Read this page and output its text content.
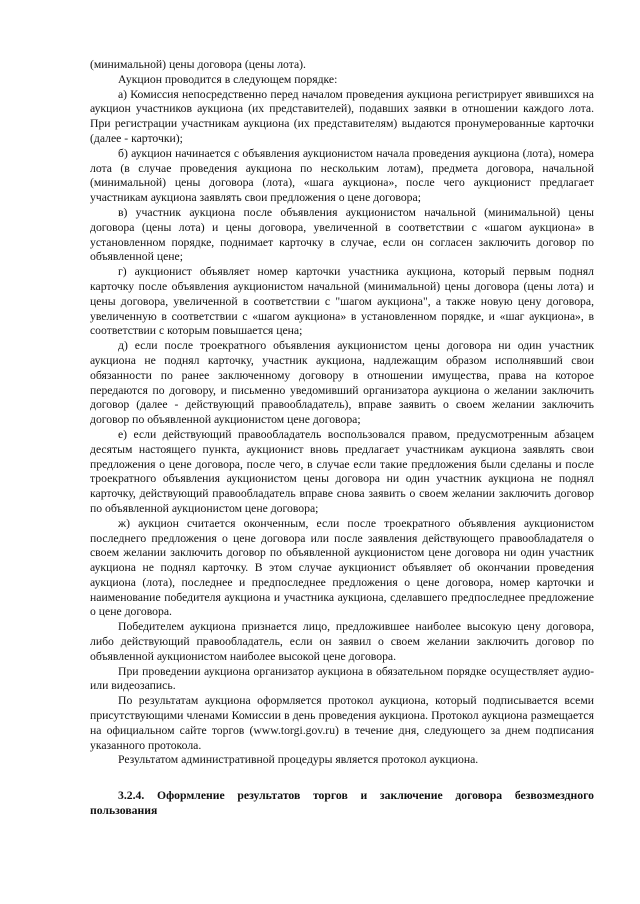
(минимальной) цены договора (цены лота).

Аукцион проводится в следующем порядке:

а) Комиссия непосредственно перед началом проведения аукциона регистрирует явившихся на аукцион участников аукциона (их представителей), подавших заявки в отношении каждого лота. При регистрации участникам аукциона (их представителям) выдаются пронумерованные карточки (далее - карточки);

б) аукцион начинается с объявления аукционистом начала проведения аукциона (лота), номера лота (в случае проведения аукциона по нескольким лотам), предмета договора, начальной (минимальной) цены договора (лота), «шага аукциона», после чего аукционист предлагает участникам аукциона заявлять свои предложения о цене договора;

в) участник аукциона после объявления аукционистом начальной (минимальной) цены договора (цены лота) и цены договора, увеличенной в соответствии с «шагом аукциона» в установленном порядке, поднимает карточку в случае, если он согласен заключить договор по объявленной цене;

г) аукционист объявляет номер карточки участника аукциона, который первым поднял карточку после объявления аукционистом начальной (минимальной) цены договора (цены лота) и цены договора, увеличенной в соответствии с "шагом аукциона", а также новую цену договора, увеличенную в соответствии с «шагом аукциона» в установленном порядке, и «шаг аукциона», в соответствии с которым повышается цена;

д) если после троекратного объявления аукционистом цены договора ни один участник аукциона не поднял карточку, участник аукциона, надлежащим образом исполнявший свои обязанности по ранее заключенному договору в отношении имущества, права на которое передаются по договору, и письменно уведомивший организатора аукциона о желании заключить договор (далее - действующий правообладатель), вправе заявить о своем желании заключить договор по объявленной аукционистом цене договора;

е) если действующий правообладатель воспользовался правом, предусмотренным абзацем десятым настоящего пункта, аукционист вновь предлагает участникам аукциона заявлять свои предложения о цене договора, после чего, в случае если такие предложения были сделаны и после троекратного объявления аукционистом цены договора ни один участник аукциона не поднял карточку, действующий правообладатель вправе снова заявить о своем желании заключить договор по объявленной аукционистом цене договора;

ж) аукцион считается оконченным, если после троекратного объявления аукционистом последнего предложения о цене договора или после заявления действующего правообладателя о своем желании заключить договор по объявленной аукционистом цене договора ни один участник аукциона не поднял карточку. В этом случае аукционист объявляет об окончании проведения аукциона (лота), последнее и предпоследнее предложения о цене договора, номер карточки и наименование победителя аукциона и участника аукциона, сделавшего предпоследнее предложение о цене договора.

Победителем аукциона признается лицо, предложившее наиболее высокую цену договора, либо действующий правообладатель, если он заявил о своем желании заключить договор по объявленной аукционистом наиболее высокой цене договора.

При проведении аукциона организатор аукциона в обязательном порядке осуществляет аудио- или видеозапись.

По результатам аукциона оформляется протокол аукциона, который подписывается всеми присутствующими членами Комиссии в день проведения аукциона. Протокол аукциона размещается на официальном сайте торгов (www.torgi.gov.ru) в течение дня, следующего за днем подписания указанного протокола.

Результатом административной процедуры является протокол аукциона.

3.2.4. Оформление результатов торгов и заключение договора безвозмездного пользования
